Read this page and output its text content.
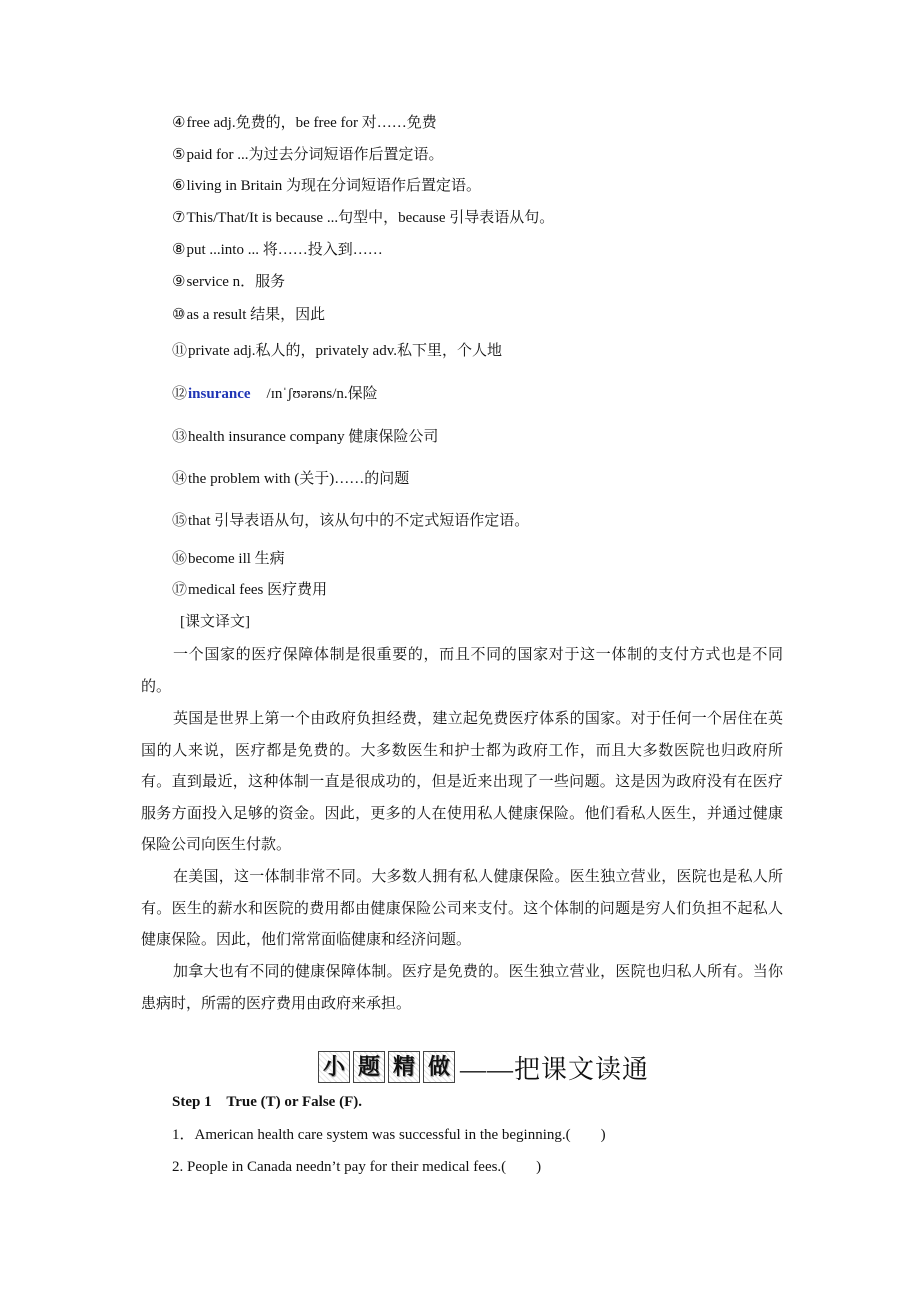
④free adj.免费的，be free for 对……免费
⑤paid for ...为过去分词短语作后置定语。
⑥living in Britain 为现在分词短语作后置定语。
⑦This/That/It is because ...句型中，because 引导表语从句。
⑧put ...into ... 将……投入到……
⑨service n．服务
⑩as a result 结果，因此
⑪private adj.私人的，privately adv.私下里，个人地
⑫insurance /ɪnˈʃʊərəns/n.保险
⑬health insurance company 健康保险公司
⑭the problem with (关于)……的问题
⑮that 引导表语从句，该从句中的不定式短语作定语。
⑯become ill 生病
⑰medical fees 医疗费用
[课文译文]
一个国家的医疗保障体制是很重要的，而且不同的国家对于这一体制的支付方式也是不同的。
英国是世界上第一个由政府负担经费，建立起免费医疗体系的国家。对于任何一个居住在英国的人来说，医疗都是免费的。大多数医生和护士都为政府工作，而且大多数医院也归政府所有。直到最近，这种体制一直是很成功的，但是近来出现了一些问题。这是因为政府没有在医疗服务方面投入足够的资金。因此，更多的人在使用私人健康保险。他们看私人医生，并通过健康保险公司向医生付款。
在美国，这一体制非常不同。大多数人拥有私人健康保险。医生独立营业，医院也是私人所有。医生的薪水和医院的费用都由健康保险公司来支付。这个体制的问题是穷人们负担不起私人健康保险。因此，他们常常面临健康和经济问题。
加拿大也有不同的健康保障体制。医疗是免费的。医生独立营业，医院也归私人所有。当你患病时，所需的医疗费用由政府来承担。
小 题 精 做 ——把课文读通
Step 1    True (T) or False (F).
1．American health care system was successful in the beginning.(        )
2. People in Canada needn’t pay for their medical fees.(        )
